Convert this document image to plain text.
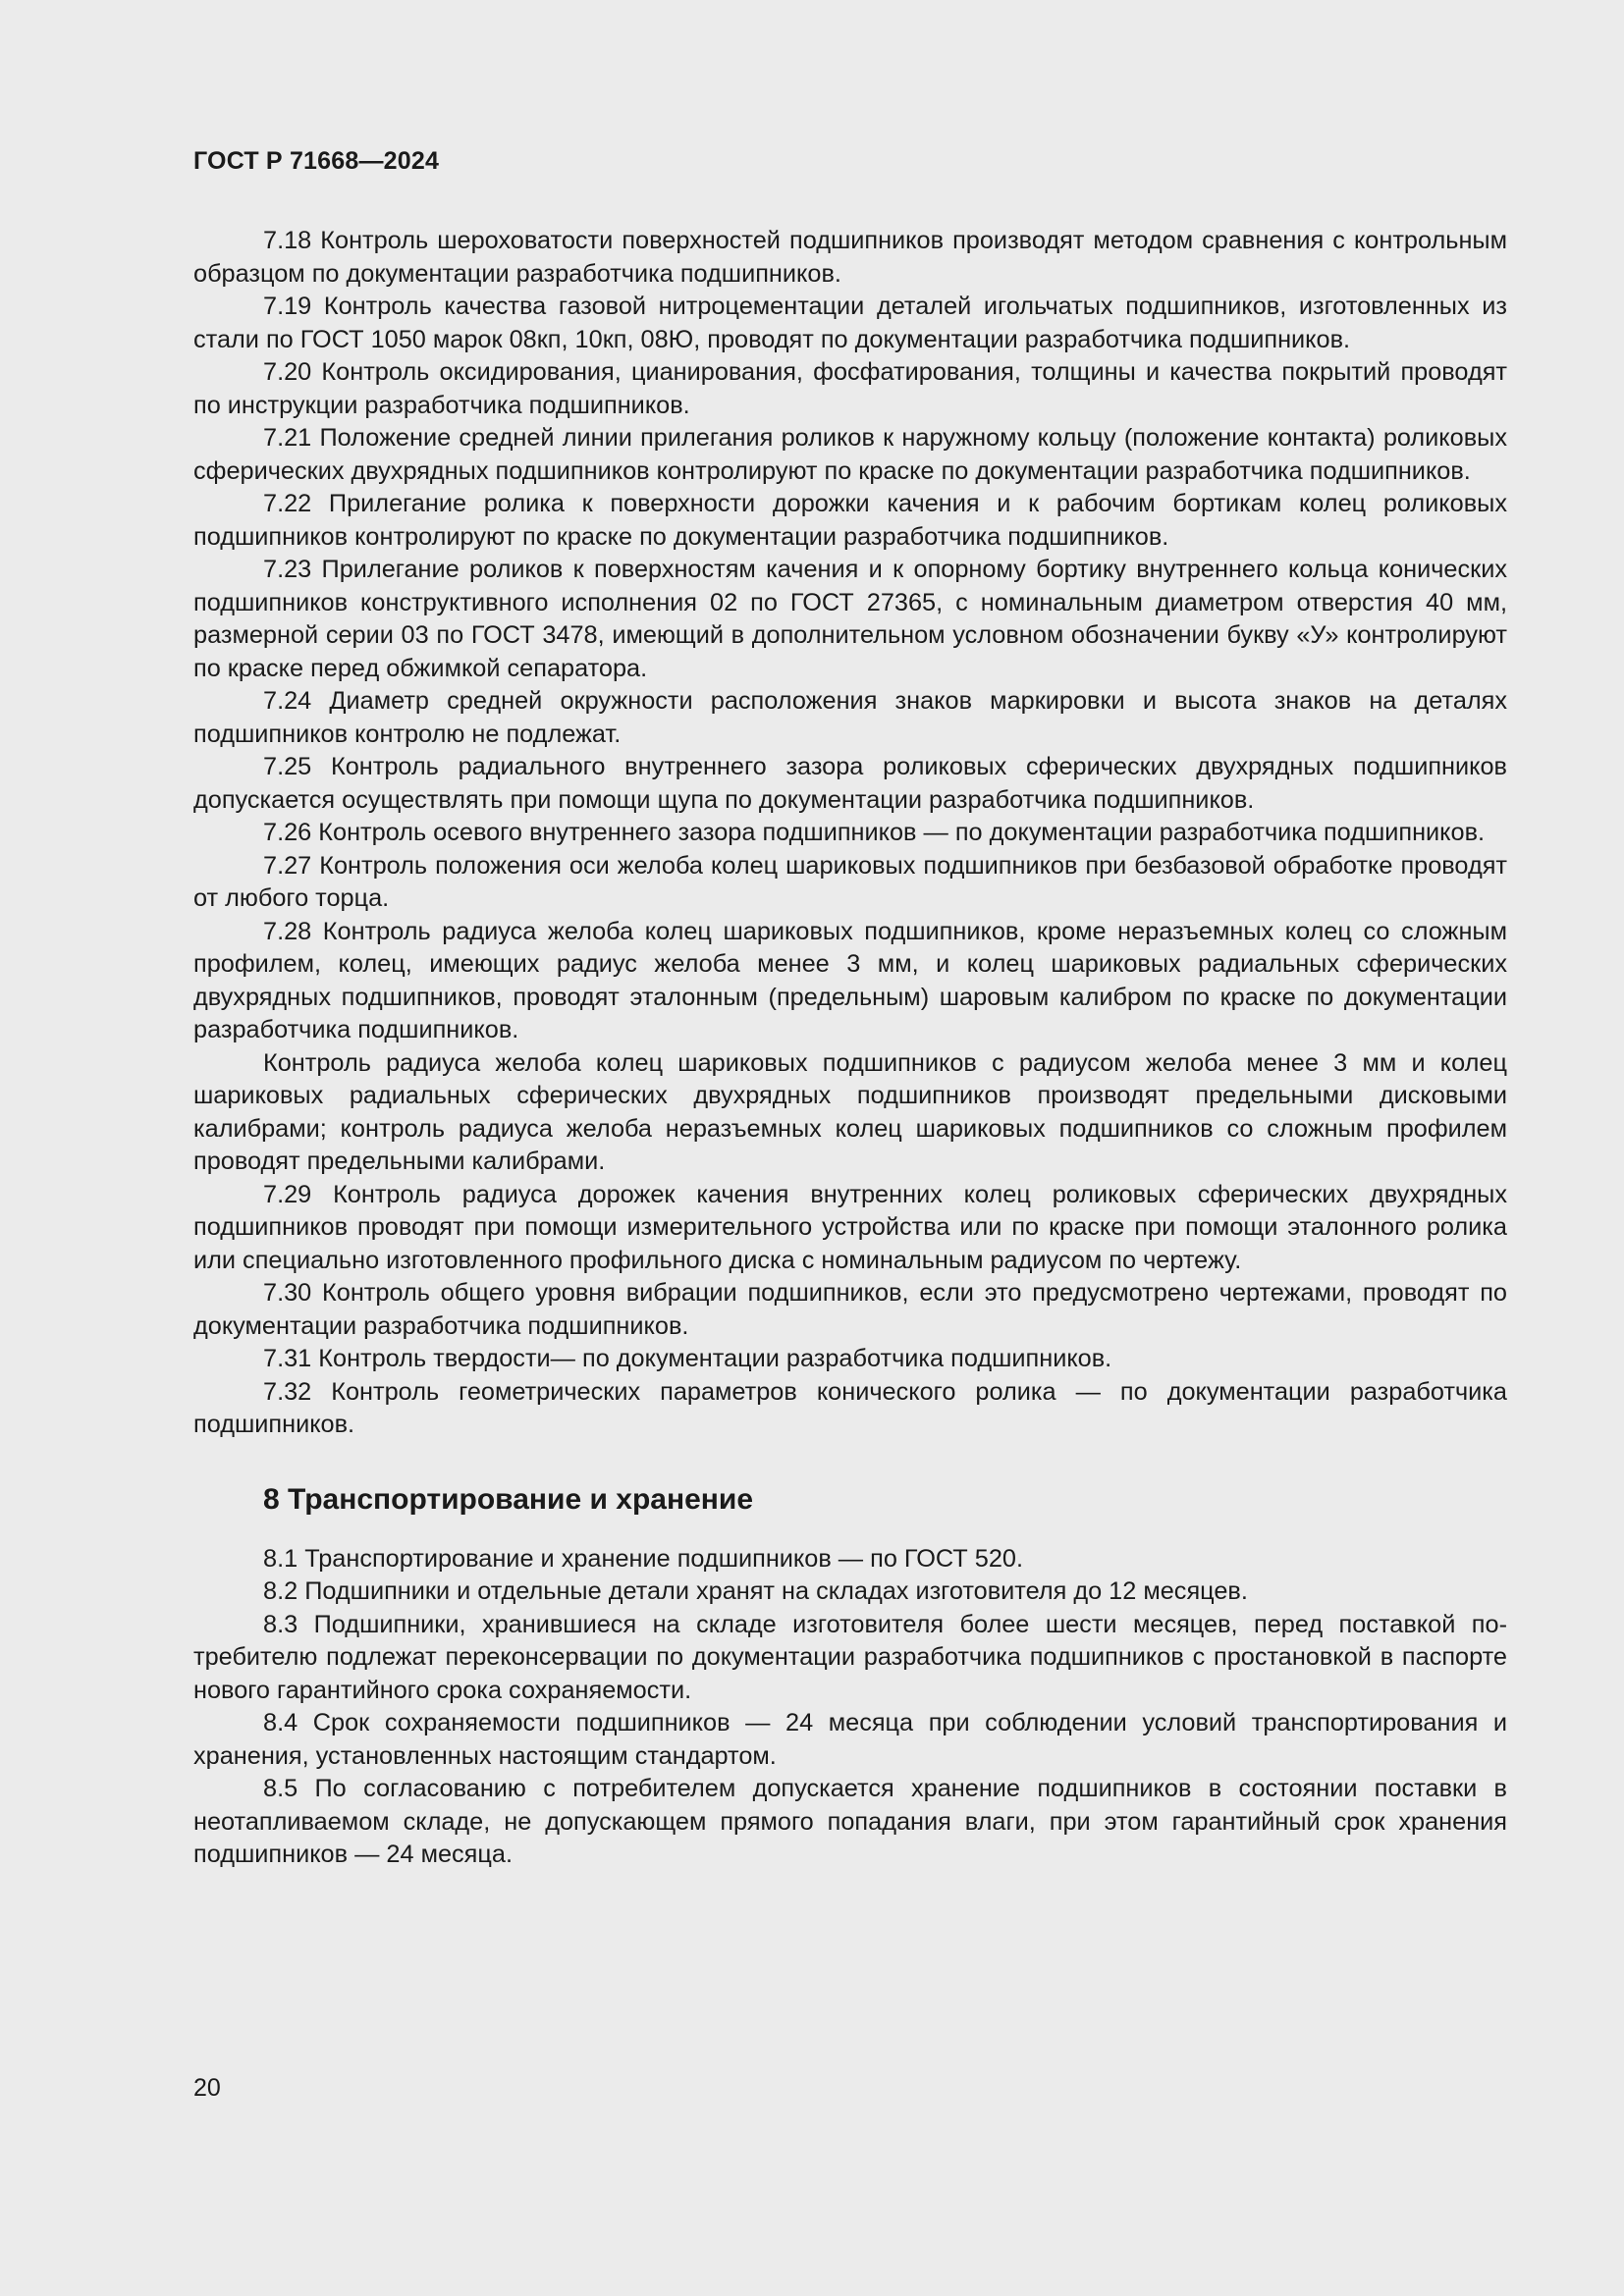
ГОСТ Р 71668—2024

7.18 Контроль шероховатости поверхностей подшипников производят методом сравнения с контрольным образцом по документации разработчика подшипников.

7.19 Контроль качества газовой нитроцементации деталей игольчатых подшипников, изготовленных из стали по ГОСТ 1050 марок 08кп, 10кп, 08Ю, проводят по документации разработчика подшипников.

7.20 Контроль оксидирования, цианирования, фосфатирования, толщины и качества покрытий проводят по инструкции разработчика подшипников.

7.21 Положение средней линии прилегания роликов к наружному кольцу (положение контакта) роликовых сферических двухрядных подшипников контролируют по краске по документации разработчика подшипников.

7.22 Прилегание ролика к поверхности дорожки качения и к рабочим бортикам колец роликовых подшипников контролируют по краске по документации разработчика подшипников.

7.23 Прилегание роликов к поверхностям качения и к опорному бортику внутреннего кольца конических подшипников конструктивного исполнения 02 по ГОСТ 27365, с номинальным диаметром отверстия 40 мм, размерной серии 03 по ГОСТ 3478, имеющий в дополнительном условном обозначении букву «У» контролируют по краске перед обжимкой сепаратора.

7.24 Диаметр средней окружности расположения знаков маркировки и высота знаков на деталях подшипников контролю не подлежат.

7.25 Контроль радиального внутреннего зазора роликовых сферических двухрядных подшипников допускается осуществлять при помощи щупа по документации разработчика подшипников.

7.26 Контроль осевого внутреннего зазора подшипников — по документации разработчика подшипников.

7.27 Контроль положения оси желоба колец шариковых подшипников при безбазовой обработке проводят от любого торца.

7.28 Контроль радиуса желоба колец шариковых подшипников, кроме неразъемных колец со сложным профилем, колец, имеющих радиус желоба менее 3 мм, и колец шариковых радиальных сферических двухрядных подшипников, проводят эталонным (предельным) шаровым калибром по краске по документации разработчика подшипников.

Контроль радиуса желоба колец шариковых подшипников с радиусом желоба менее 3 мм и колец шариковых радиальных сферических двухрядных подшипников производят предельными дисковыми калибрами; контроль радиуса желоба неразъемных колец шариковых подшипников со сложным профилем проводят предельными калибрами.

7.29 Контроль радиуса дорожек качения внутренних колец роликовых сферических двухрядных подшипников проводят при помощи измерительного устройства или по краске при помощи эталонного ролика или специально изготовленного профильного диска с номинальным радиусом по чертежу.

7.30 Контроль общего уровня вибрации подшипников, если это предусмотрено чертежами, проводят по документации разработчика подшипников.

7.31 Контроль твердости— по документации разработчика подшипников.

7.32 Контроль геометрических параметров конического ролика — по документации разработчика подшипников.

8 Транспортирование и хранение

8.1 Транспортирование и хранение подшипников — по ГОСТ 520.

8.2 Подшипники и отдельные детали хранят на складах изготовителя до 12 месяцев.

8.3 Подшипники, хранившиеся на складе изготовителя более шести месяцев, перед поставкой потребителю подлежат переконсервации по документации разработчика подшипников с простановкой в паспорте нового гарантийного срока сохраняемости.

8.4 Срок сохраняемости подшипников — 24 месяца при соблюдении условий транспортирования и хранения, установленных настоящим стандартом.

8.5 По согласованию с потребителем допускается хранение подшипников в состоянии поставки в неотапливаемом складе, не допускающем прямого попадания влаги, при этом гарантийный срок хранения подшипников — 24 месяца.

20
